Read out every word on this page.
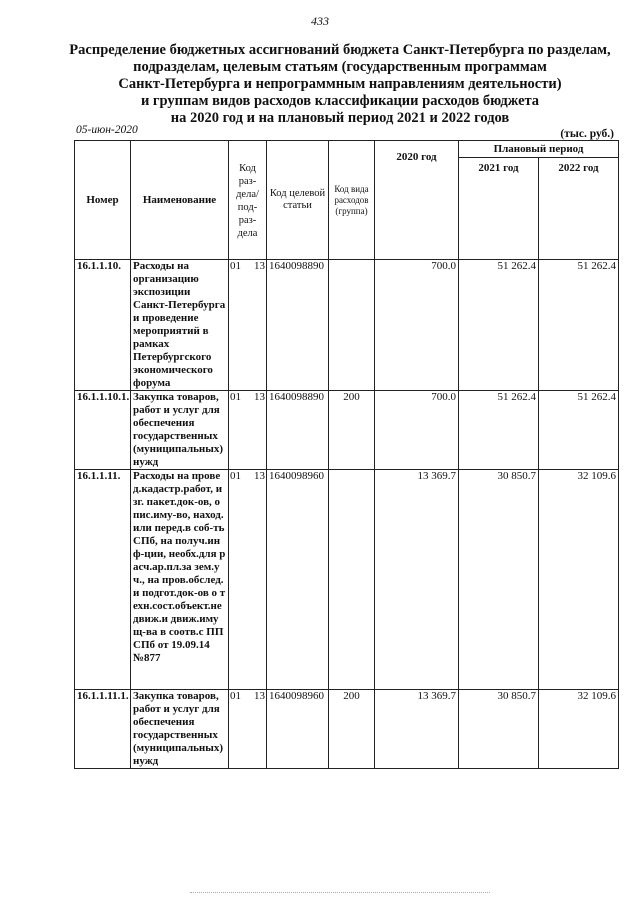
433
Распределение бюджетных ассигнований бюджета Санкт-Петербурга по разделам,
подразделам, целевым статьям (государственным программам
Санкт-Петербурга и непрограммным направлениям деятельности)
и группам видов расходов классификации расходов бюджета
на 2020 год и на плановый период 2021 и 2022 годов
05-июн-2020	(тыс. руб.)
Номер	Наименование	Код раз-дела/ под-раз-дела	Код целевой статьи	Код вида расходов (группа)	2020 год	Плановый период	
						2021 год	2022 год
16.1.1.10.	Расходы на организацию экспозиции Санкт-Петербурга и проведение мероприятий в рамках Петербургского экономического форума	01 13	1640098890		700.0	51 262.4	51 262.4
16.1.1.10.1.	Закупка товаров, работ и услуг для обеспечения государственных (муниципальных) нужд	01 13	1640098890	200	700.0	51 262.4	51 262.4
16.1.1.11.	Расходы на провед.кадастр.работ, изг. пакет.док-ов, опис.иму-во, наход.или перед.в соб-ть СПб, на получ.инф-ции, необх.для расч.ар.пл.за зем.уч., на пров.обслед. и подгот.док-ов о техн.сост.объект.недвиж.и движ.имущ-ва в соотв.с ПП СПб от 19.09.14 №877	01 13	1640098960		13 369.7	30 850.7	32 109.6
16.1.1.11.1.	Закупка товаров, работ и услуг для обеспечения государственных (муниципальных) нужд	01 13	1640098960	200	13 369.7	30 850.7	32 109.6
